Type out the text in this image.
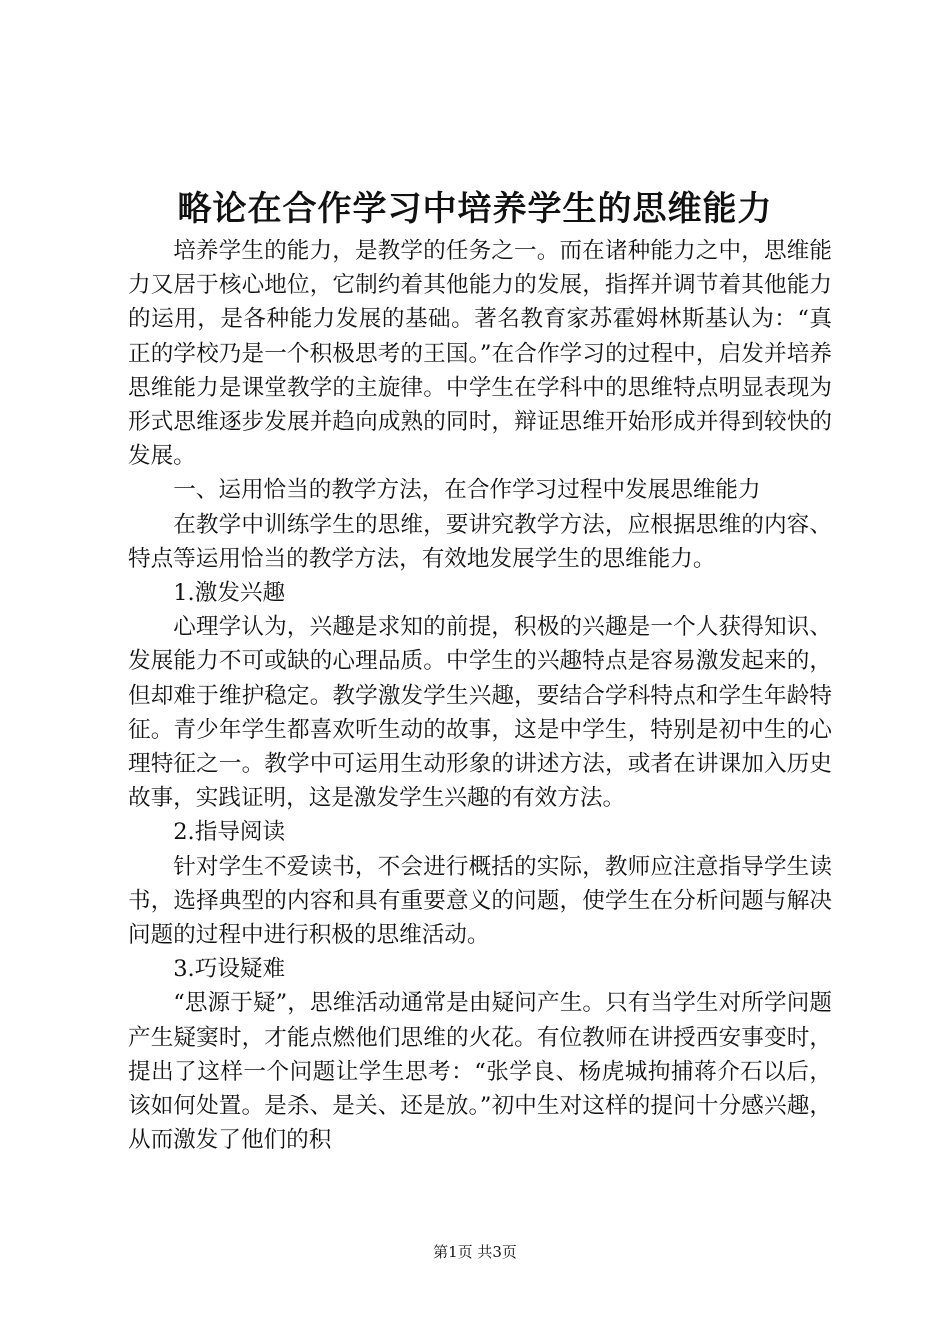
略论在合作学习中培养学生的思维能力

培养学生的能力，是教学的任务之一。而在诸种能力之中，思维能力又居于核心地位，它制约着其他能力的发展，指挥并调节着其他能力的运用，是各种能力发展的基础。著名教育家苏霍姆林斯基认为：“真正的学校乃是一个积极思考的王国。”在合作学习的过程中，启发并培养思维能力是课堂教学的主旋律。中学生在学科中的思维特点明显表现为形式思维逐步发展并趋向成熟的同时，辩证思维开始形成并得到较快的发展。

一、运用恰当的教学方法，在合作学习过程中发展思维能力

在教学中训练学生的思维，要讲究教学方法，应根据思维的内容、特点等运用恰当的教学方法，有效地发展学生的思维能力。

1.激发兴趣

心理学认为，兴趣是求知的前提，积极的兴趣是一个人获得知识、发展能力不可或缺的心理品质。中学生的兴趣特点是容易激发起来的，但却难于维护稳定。教学激发学生兴趣，要结合学科特点和学生年龄特征。青少年学生都喜欢听生动的故事，这是中学生，特别是初中生的心理特征之一。教学中可运用生动形象的讲述方法，或者在讲课加入历史故事，实践证明，这是激发学生兴趣的有效方法。

2.指导阅读

针对学生不爱读书，不会进行概括的实际，教师应注意指导学生读书，选择典型的内容和具有重要意义的问题，使学生在分析问题与解决问题的过程中进行积极的思维活动。

3.巧设疑难

“思源于疑”，思维活动通常是由疑问产生。只有当学生对所学问题产生疑窦时，才能点燃他们思维的火花。有位教师在讲授西安事变时，提出了这样一个问题让学生思考：“张学良、杨虎城拘捕蒋介石以后，该如何处置。是杀、是关、还是放。”初中生对这样的提问十分感兴趣，从而激发了他们的积

第1页 共3页
